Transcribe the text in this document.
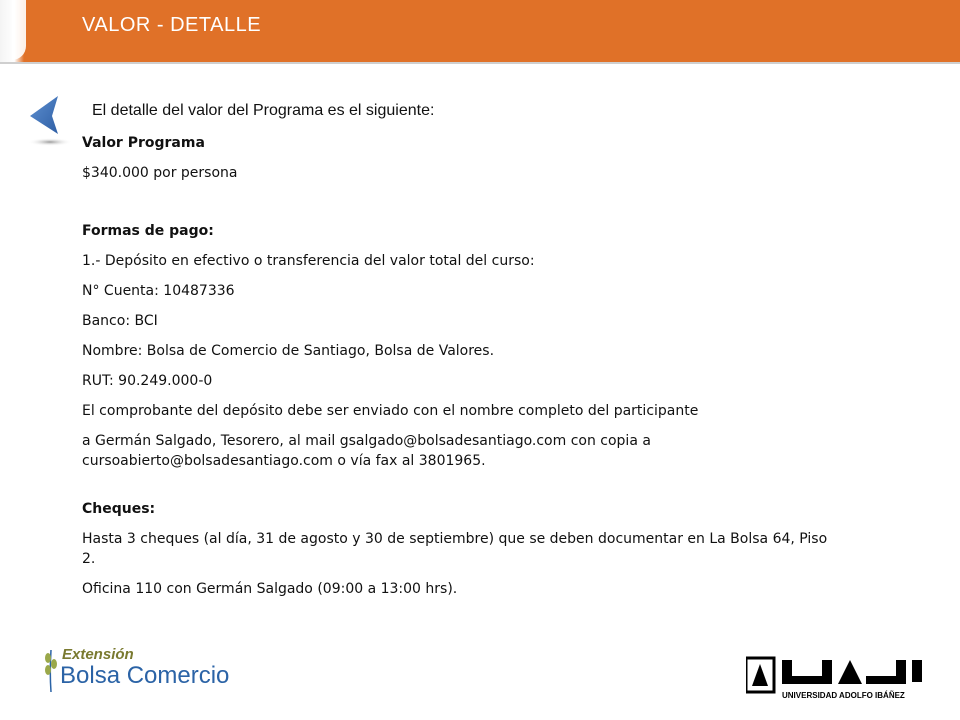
VALOR - DETALLE
El detalle del valor del Programa es el siguiente:
Valor Programa
$340.000 por persona
Formas de pago:
1.- Depósito en efectivo o transferencia del valor total del curso:
N° Cuenta: 10487336
Banco: BCI
Nombre: Bolsa de Comercio de Santiago, Bolsa de Valores.
RUT: 90.249.000-0
El comprobante del depósito debe ser enviado con el nombre completo del participante
a Germán Salgado, Tesorero, al mail gsalgado@bolsadesantiago.com con copia a cursoabierto@bolsadesantiago.com o vía fax al 3801965.
Cheques:
Hasta 3 cheques (al día, 31 de agosto y 30 de septiembre) que se deben documentar en La Bolsa 64, Piso 2.
Oficina 110 con Germán Salgado (09:00 a 13:00 hrs).
Extensión
Bolsa Comercio
UNIVERSIDAD ADOLFO IBÁÑEZ
